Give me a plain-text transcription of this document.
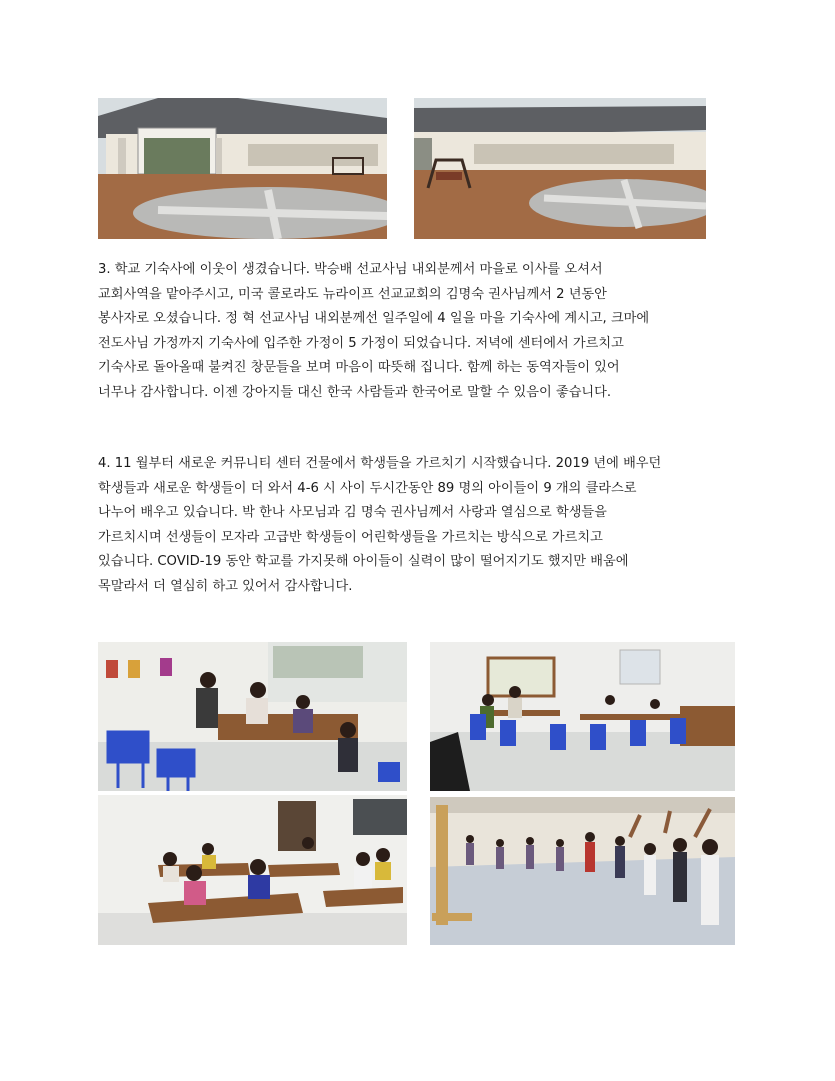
3. 학교 기숙사에 이웃이 생겼습니다. 박승배 선교사님 내외분께서 마을로 이사를 오셔서
교회사역을 맡아주시고, 미국 콜로라도 뉴라이프 선교교회의 김명숙 권사님께서 2 년동안
봉사자로 오셨습니다. 정 혁 선교사님 내외분께선 일주일에 4 일을 마을 기숙사에 계시고, 크마에
전도사님 가정까지 기숙사에 입주한 가정이 5 가정이 되었습니다. 저녁에 센터에서 가르치고
기숙사로 돌아올때 불켜진 창문들을 보며 마음이 따뜻해 집니다. 함께 하는 동역자들이 있어
너무나 감사합니다. 이젠 강아지들 대신 한국 사람들과 한국어로 말할 수 있음이 좋습니다.
4. 11 월부터 새로운 커뮤니티 센터 건물에서 학생들을 가르치기 시작했습니다. 2019 년에 배우던
학생들과 새로운 학생들이 더 와서 4-6 시 사이 두시간동안 89 명의 아이들이 9 개의 클라스로
나누어 배우고 있습니다. 박 한나 사모님과 김 명숙 권사님께서 사랑과 열심으로 학생들을
가르치시며 선생들이 모자라 고급반 학생들이 어린학생들을 가르치는 방식으로 가르치고
있습니다. COVID-19 동안 학교를 가지못해 아이들이 실력이 많이 떨어지기도 했지만 배움에
목말라서 더 열심히 하고 있어서 감사합니다.
